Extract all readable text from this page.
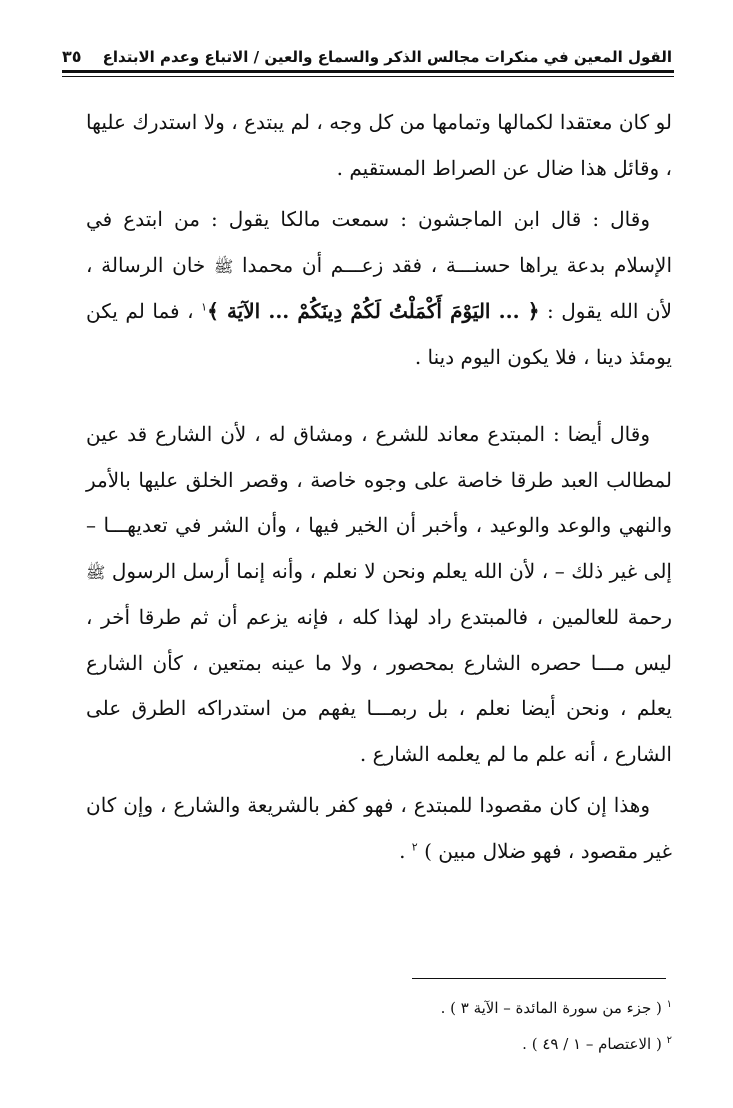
القول المعين في منكرات مجالس الذكر والسماع والعين / الاتباع وعدم الابتداع
٣٥

لو كان معتقدا لكمالها وتمامها من كل وجه ، لم يبتدع ، ولا استدرك عليها ، وقائل هذا ضال عن الصراط المستقيم .

وقال : قال ابن الماجشون : سمعت مالكا يقول : من ابتدع في الإسلام بدعة يراها حسنـــة ، فقد زعـــم أن محمدا ﷺ خان الرسالة ، لأن الله يقول : ﴿ ... اليَوْمَ أَكْمَلْتُ لَكُمْ دِينَكُمْ ... الآيَة ﴾$^١$ ، فما لم يكن يومئذ دينا ، فلا يكون اليوم دينا .

وقال أيضا : المبتدع معاند للشرع ، ومشاق له ، لأن الشارع قد عين لمطالب العبد طرقا خاصة على وجوه خاصة ، وقصر الخلق عليها بالأمر والنهي والوعد والوعيد ، وأخبر أن الخير فيها ، وأن الشر في تعديهـــا – إلى غير ذلك – ، لأن الله يعلم ونحن لا نعلم ، وأنه إنما أرسل الرسول ﷺ رحمة للعالمين ، فالمبتدع راد لهذا كله ، فإنه يزعم أن ثم طرقا أخر ، ليس مـــا حصره الشارع بمحصور ، ولا ما عينه بمتعين ، كأن الشارع يعلم ، ونحن أيضا نعلم ، بل ربمـــا يفهم من استدراكه الطرق على الشارع ، أنه علم ما لم يعلمه الشارع .

وهذا إن كان مقصودا للمبتدع ، فهو كفر بالشريعة والشارع ، وإن كان غير مقصود ، فهو ضلال مبين ) $^٢$ .

$^١$ ( جزء من سورة المائدة – الآية ٣ ) .

$^٢$ ( الاعتصام – ١ / ٤٩ ) .
